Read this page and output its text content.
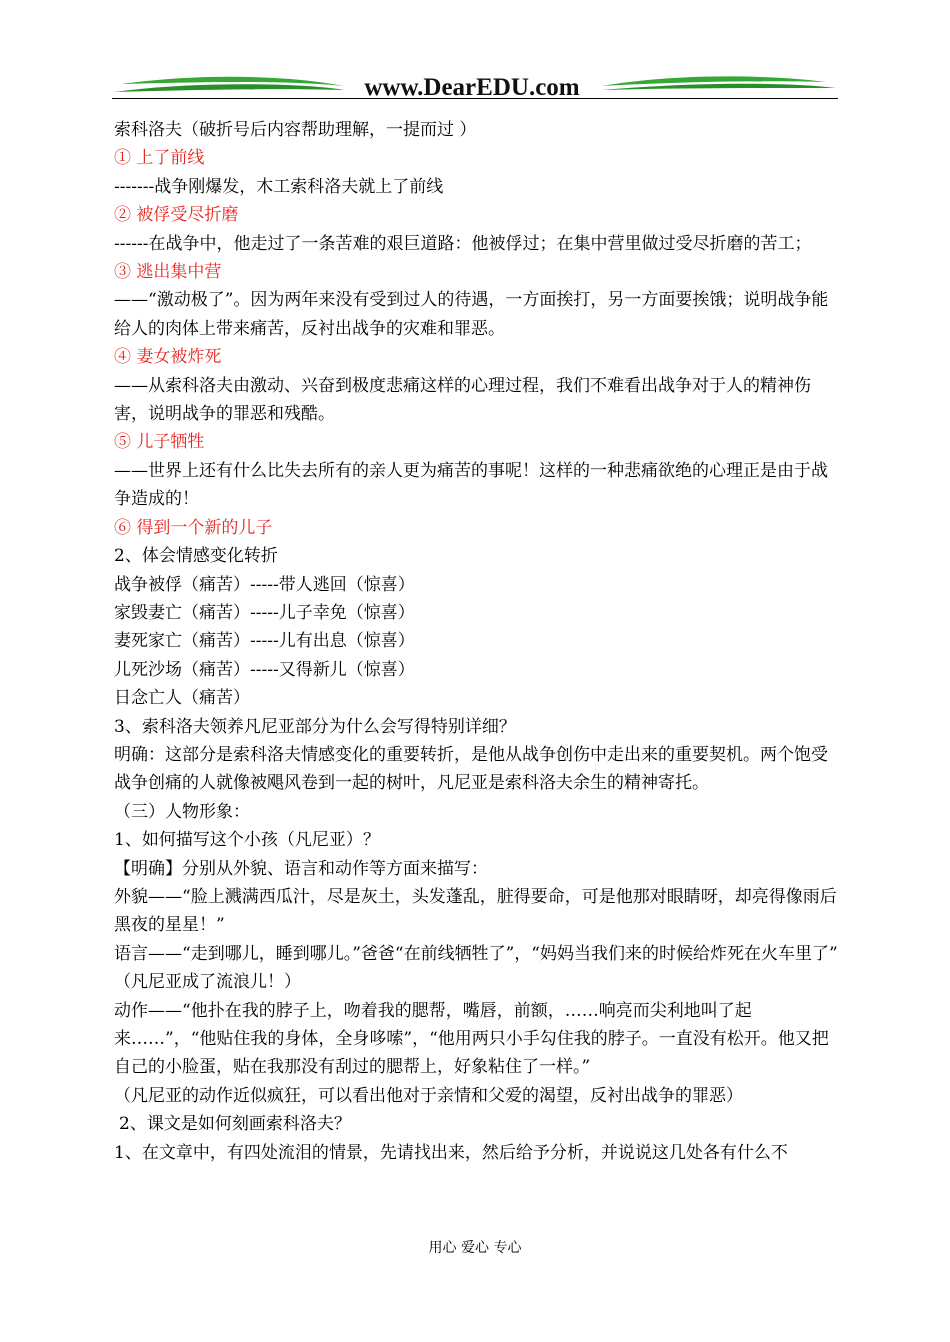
www.DearEDU.com

索科洛夫（破折号后内容帮助理解，一提而过 ）

① 上了前线

-------战争刚爆发，木工索科洛夫就上了前线

② 被俘受尽折磨

------在战争中，他走过了一条苦难的艰巨道路：他被俘过；在集中营里做过受尽折磨的苦工；

③ 逃出集中营

——“激动极了”。因为两年来没有受到过人的待遇，一方面挨打，另一方面要挨饿；说明战争能给人的肉体上带来痛苦，反衬出战争的灾难和罪恶。

④ 妻女被炸死

——从索科洛夫由激动、兴奋到极度悲痛这样的心理过程，我们不难看出战争对于人的精神伤害，说明战争的罪恶和残酷。

⑤ 儿子牺牲

——世界上还有什么比失去所有的亲人更为痛苦的事呢！这样的一种悲痛欲绝的心理正是由于战争造成的！

⑥ 得到一个新的儿子

2、体会情感变化转折

战争被俘（痛苦）-----带人逃回（惊喜）

家毁妻亡（痛苦）-----儿子幸免（惊喜）

妻死家亡（痛苦）-----儿有出息（惊喜）

儿死沙场（痛苦）-----又得新儿（惊喜）

日念亡人（痛苦）

3、索科洛夫领养凡尼亚部分为什么会写得特别详细？

明确：这部分是索科洛夫情感变化的重要转折，是他从战争创伤中走出来的重要契机。两个饱受战争创痛的人就像被飓风卷到一起的树叶，凡尼亚是索科洛夫余生的精神寄托。

（三）人物形象：

1、如何描写这个小孩（凡尼亚）？

【明确】分别从外貌、语言和动作等方面来描写：

外貌——“脸上溅满西瓜汁，尽是灰土，头发蓬乱，脏得要命，可是他那对眼睛呀，却亮得像雨后黑夜的星星！”

语言——“走到哪儿，睡到哪儿。”爸爸“在前线牺牲了”，“妈妈当我们来的时候给炸死在火车里了”

（凡尼亚成了流浪儿！）

动作——“他扑在我的脖子上，吻着我的腮帮，嘴唇，前额，……响亮而尖利地叫了起来……”，“他贴住我的身体，全身哆嗦”，“他用两只小手勾住我的脖子。一直没有松开。他又把自己的小脸蛋，贴在我那没有刮过的腮帮上，好象粘住了一样。”

（凡尼亚的动作近似疯狂，可以看出他对于亲情和父爱的渴望，反衬出战争的罪恶）

2、课文是如何刻画索科洛夫？

1、在文章中，有四处流泪的情景，先请找出来，然后给予分析，并说说这几处各有什么不

用心 爱心 专心
